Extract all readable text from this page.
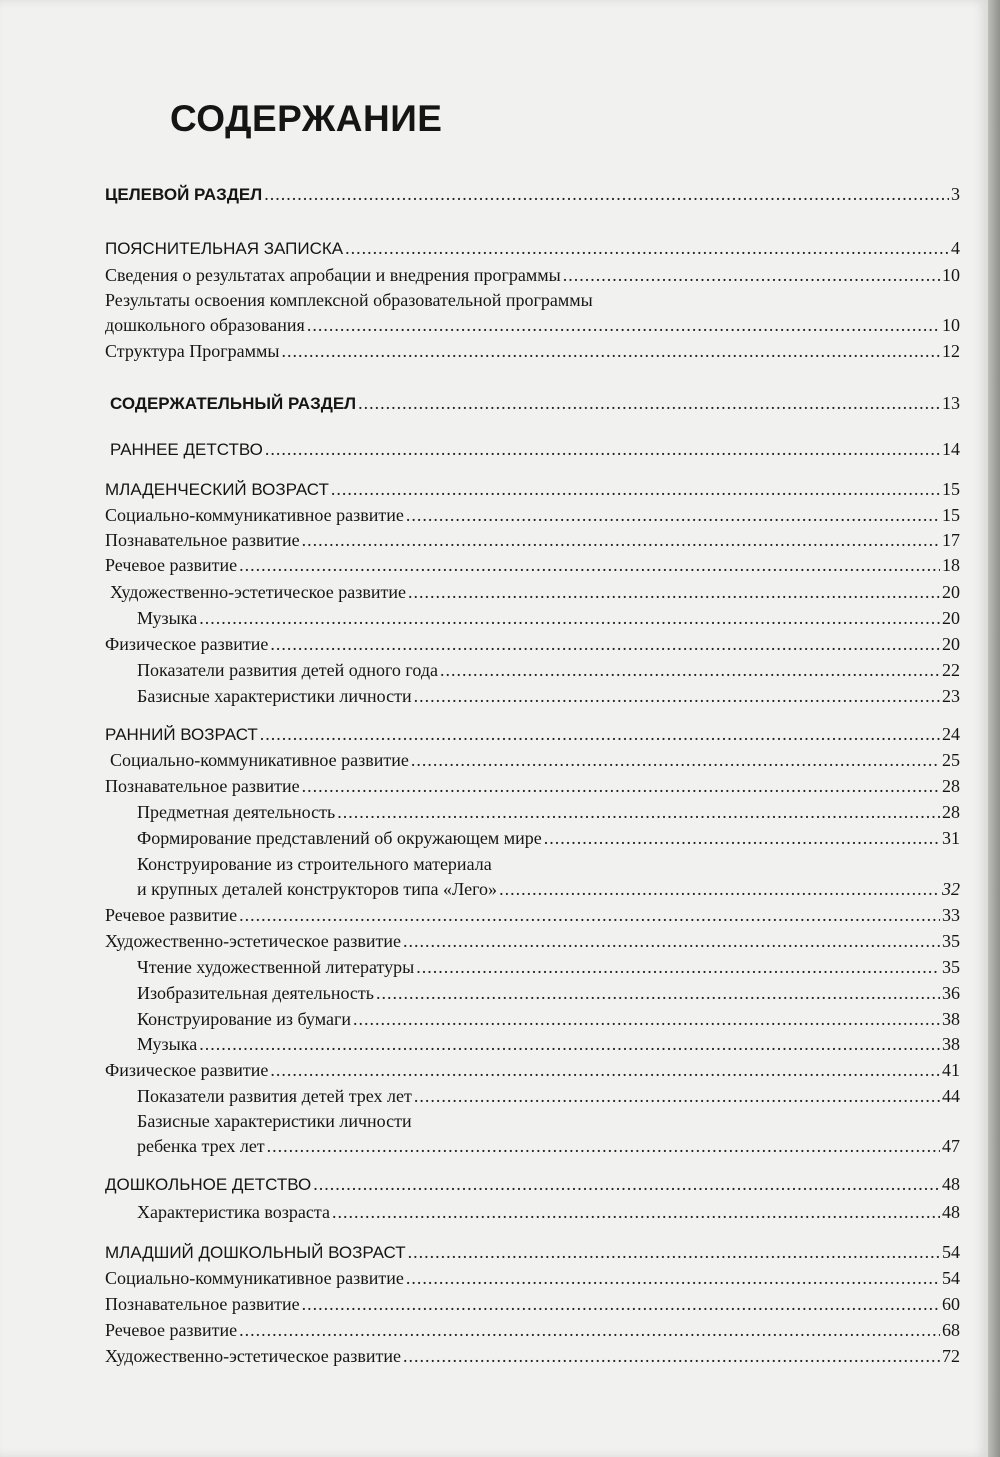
СОДЕРЖАНИЕ
ЦЕЛЕВОЙ РАЗДЕЛ .....	3
ПОЯСНИТЕЛЬНАЯ ЗАПИСКА .....	4
Сведения о результатах апробации и внедрения программы .....	10
Результаты освоения комплексной образовательной программы
дошкольного образования .....	10
Структура Программы .....	12
СОДЕРЖАТЕЛЬНЫЙ РАЗДЕЛ .....	13
РАННЕЕ ДЕТСТВО .....	14
МЛАДЕНЧЕСКИЙ ВОЗРАСТ .....	15
Социально-коммуникативное развитие .....	15
Познавательное развитие .....	17
Речевое развитие .....	18
Художественно-эстетическое развитие .....	20
Музыка .....	20
Физическое развитие .....	20
Показатели развития детей одного года .....	22
Базисные характеристики личности .....	23
РАННИЙ ВОЗРАСТ .....	24
Социально-коммуникативное развитие .....	25
Познавательное развитие .....	28
Предметная деятельность .....	28
Формирование представлений об окружающем мире .....	31
Конструирование из строительного материала
и крупных деталей конструкторов типа «Лего» .....	32
Речевое развитие .....	33
Художественно-эстетическое развитие .....	35
Чтение художественной литературы .....	35
Изобразительная деятельность .....	36
Конструирование из бумаги .....	38
Музыка .....	38
Физическое развитие .....	41
Показатели развития детей трех лет .....	44
Базисные характеристики личности
ребенка трех лет .....	47
ДОШКОЛЬНОЕ ДЕТСТВО .....	48
Характеристика возраста .....	48
МЛАДШИЙ ДОШКОЛЬНЫЙ ВОЗРАСТ .....	54
Социально-коммуникативное развитие .....	54
Познавательное развитие .....	60
Речевое развитие .....	68
Художественно-эстетическое развитие .....	72
